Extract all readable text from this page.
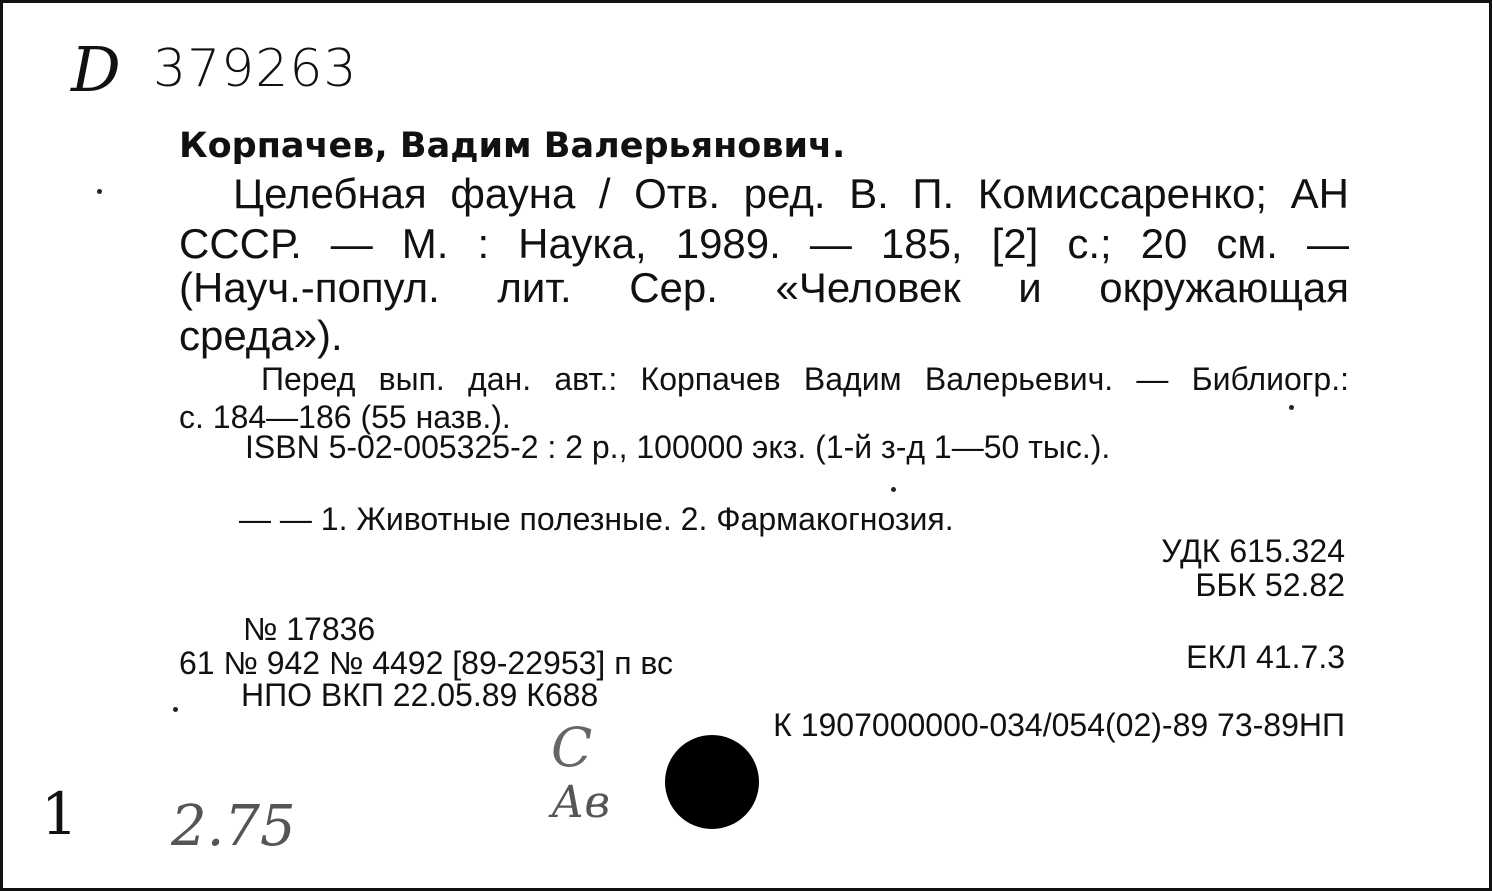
D 379263
Корпачев, Вадим Валерьянович.
Целебная фауна / Отв. ред. В. П. Комиссаренко; АН
СССР. — М. : Наука, 1989. — 185, [2] с.; 20 см. —
(Науч.-попул. лит. Сер. «Человек и окружающая
среда»).
Перед вып. дан. авт.: Корпачев Вадим Валерьевич. — Библиогр.:
с. 184—186 (55 назв.).
ISBN 5-02-005325-2 : 2 р., 100000 экз. (1-й з-д 1—50 тыс.).
— — 1. Животные полезные. 2. Фармакогнозия.
УДК 615.324
ББК 52.82
ЕКЛ 41.7.3
К 1907000000-034/054(02)-89 73-89НП
№ 17836
61 № 942 № 4492 [89-22953] п вс
НПО ВКП 22.05.89 К688
1 2.75
С
Ав
